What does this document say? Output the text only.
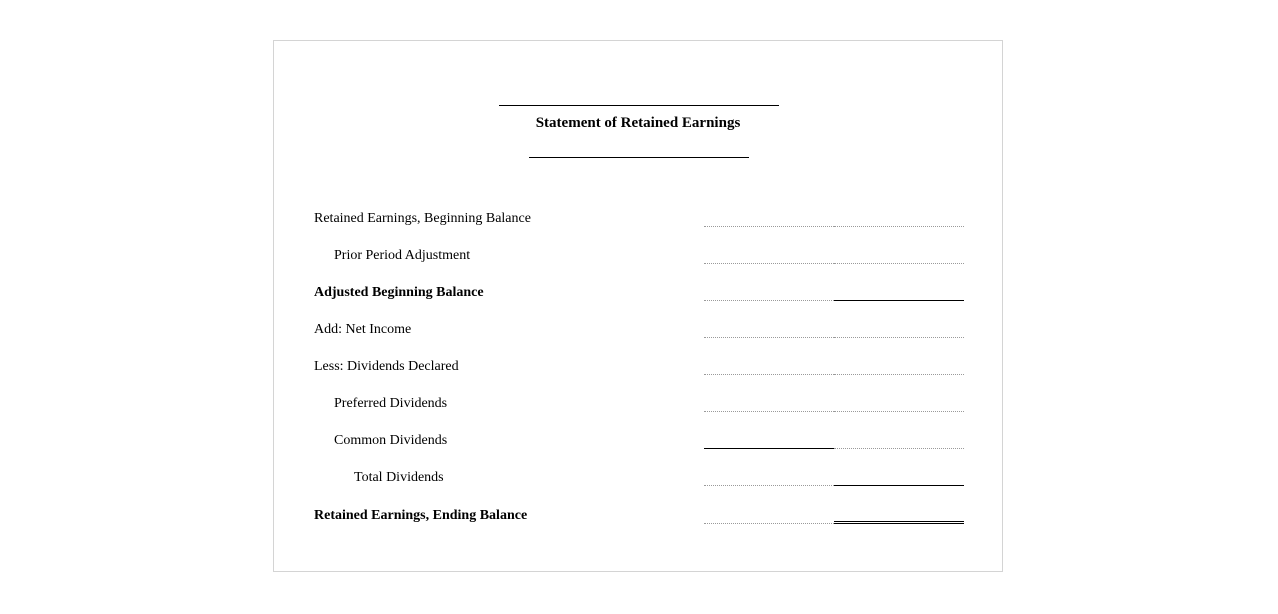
Statement of Retained Earnings
Retained Earnings, Beginning Balance
Prior Period Adjustment
Adjusted Beginning Balance
Add: Net Income
Less: Dividends Declared
Preferred Dividends
Common Dividends
Total Dividends
Retained Earnings, Ending Balance
